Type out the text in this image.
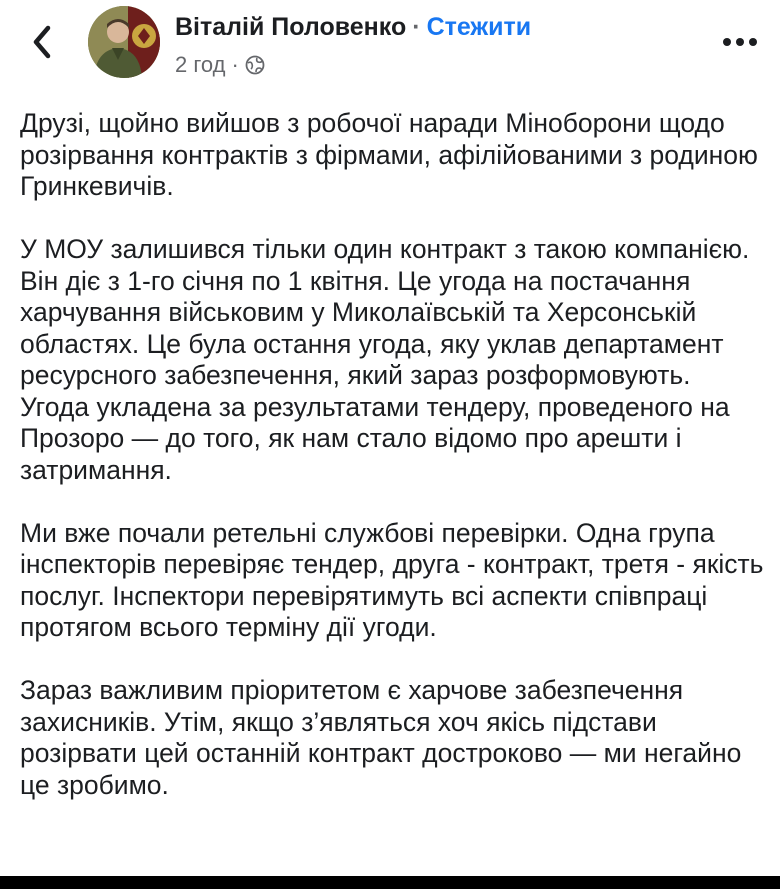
Віталій Половенко · Стежити
2 год ·

Друзі, щойно вийшов з робочої наради Міноборони щодо розірвання контрактів з фірмами, афілійованими з родиною Гринкевичів.

У МОУ залишився тільки один контракт з такою компанією. Він діє з 1-го січня по 1 квітня. Це угода на постачання харчування військовим у Миколаївській та Херсонській областях. Це була остання угода, яку уклав департамент ресурсного забезпечення, який зараз розформовують. Угода укладена за результатами тендеру, проведеного на Прозоро — до того, як нам стало відомо про арешти і затримання.

Ми вже почали ретельні службові перевірки. Одна група інспекторів перевіряє тендер, друга - контракт, третя - якість послуг. Інспектори перевірятимуть всі аспекти співпраці протягом всього терміну дії угоди.

Зараз важливим пріоритетом є харчове забезпечення захисників. Утім, якщо з’являться хоч якісь підстави розірвати цей останній контракт достроково — ми негайно це зробимо.
